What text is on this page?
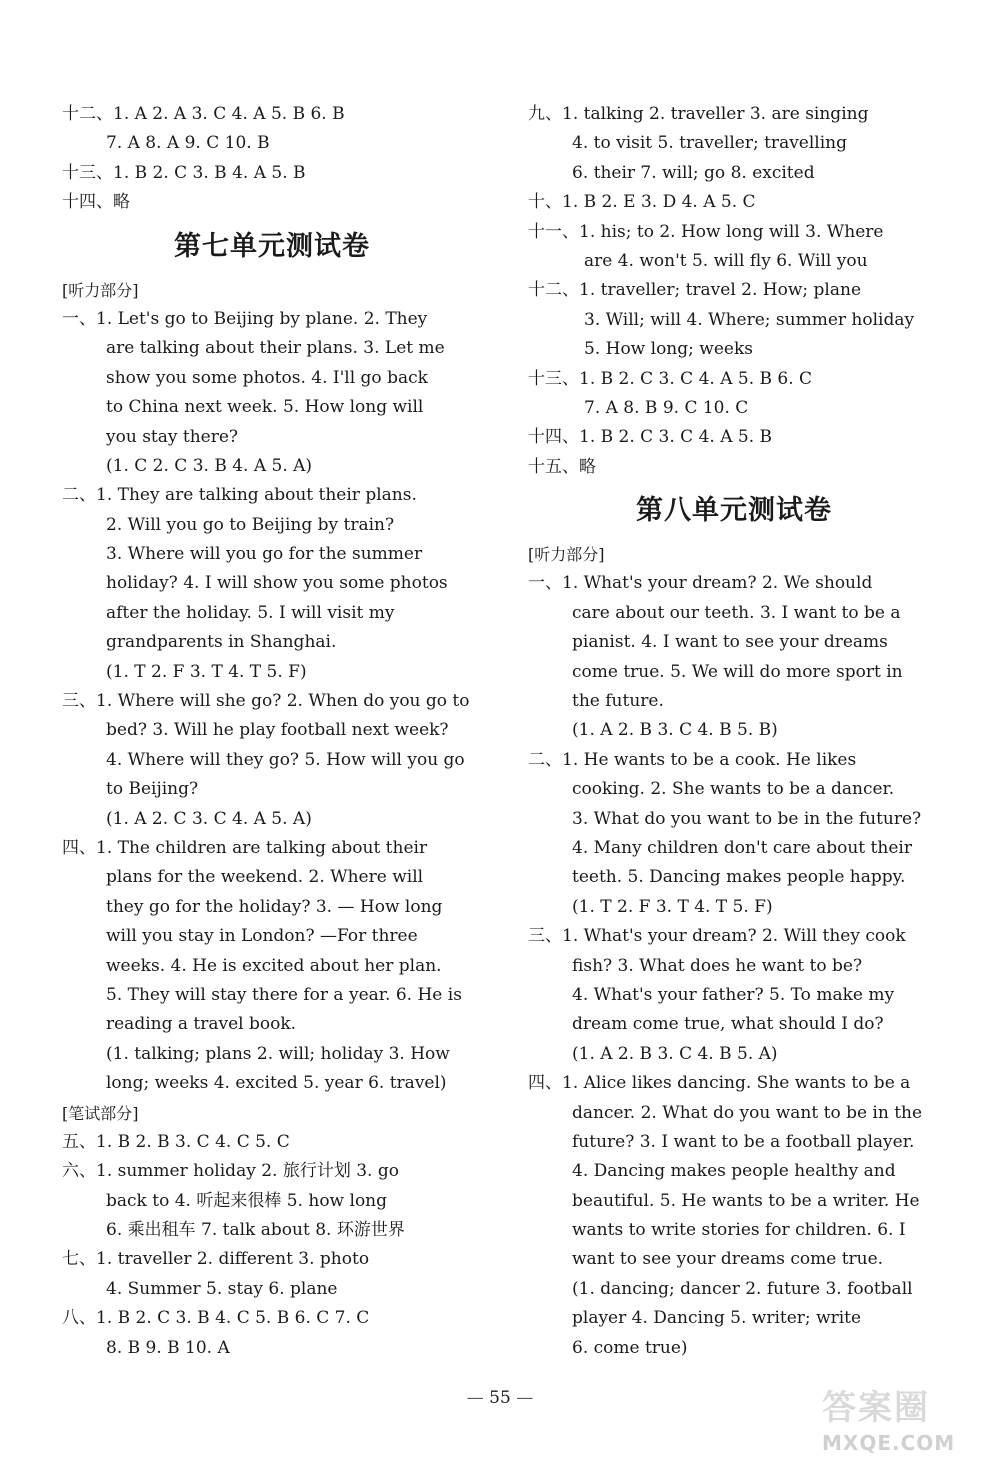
十二、1. A 2. A 3. C 4. A 5. B 6. B
7. A 8. A 9. C 10. B
十三、1. B 2. C 3. B 4. A 5. B
十四、略
第七单元测试卷
[听力部分]
一、1. Let's go to Beijing by plane. 2. They
are talking about their plans. 3. Let me
show you some photos. 4. I'll go back
to China next week. 5. How long will
you stay there?
(1. C 2. C 3. B 4. A 5. A)
二、1. They are talking about their plans.
2. Will you go to Beijing by train?
3. Where will you go for the summer
holiday? 4. I will show you some photos
after the holiday. 5. I will visit my
grandparents in Shanghai.
(1. T 2. F 3. T 4. T 5. F)
三、1. Where will she go? 2. When do you go to
bed? 3. Will he play football next week?
4. Where will they go? 5. How will you go
to Beijing?
(1. A 2. C 3. C 4. A 5. A)
四、1. The children are talking about their
plans for the weekend. 2. Where will
they go for the holiday? 3. — How long
will you stay in London? —For three
weeks. 4. He is excited about her plan.
5. They will stay there for a year. 6. He is
reading a travel book.
(1. talking; plans 2. will; holiday 3. How
long; weeks 4. excited 5. year 6. travel)
[笔试部分]
五、1. B 2. B 3. C 4. C 5. C
六、1. summer holiday 2. 旅行计划 3. go
back to 4. 听起来很棒 5. how long
6. 乘出租车 7. talk about 8. 环游世界
七、1. traveller 2. different 3. photo
4. Summer 5. stay 6. plane
八、1. B 2. C 3. B 4. C 5. B 6. C 7. C
8. B 9. B 10. A
九、1. talking 2. traveller 3. are singing
4. to visit 5. traveller; travelling
6. their 7. will; go 8. excited
十、1. B 2. E 3. D 4. A 5. C
十一、1. his; to 2. How long will 3. Where
are 4. won't 5. will fly 6. Will you
十二、1. traveller; travel 2. How; plane
3. Will; will 4. Where; summer holiday
5. How long; weeks
十三、1. B 2. C 3. C 4. A 5. B 6. C
7. A 8. B 9. C 10. C
十四、1. B 2. C 3. C 4. A 5. B
十五、略
第八单元测试卷
[听力部分]
一、1. What's your dream? 2. We should
care about our teeth. 3. I want to be a
pianist. 4. I want to see your dreams
come true. 5. We will do more sport in
the future.
(1. A 2. B 3. C 4. B 5. B)
二、1. He wants to be a cook. He likes
cooking. 2. She wants to be a dancer.
3. What do you want to be in the future?
4. Many children don't care about their
teeth. 5. Dancing makes people happy.
(1. T 2. F 3. T 4. T 5. F)
三、1. What's your dream? 2. Will they cook
fish? 3. What does he want to be?
4. What's your father? 5. To make my
dream come true, what should I do?
(1. A 2. B 3. C 4. B 5. A)
四、1. Alice likes dancing. She wants to be a
dancer. 2. What do you want to be in the
future? 3. I want to be a football player.
4. Dancing makes people healthy and
beautiful. 5. He wants to be a writer. He
wants to write stories for children. 6. I
want to see your dreams come true.
(1. dancing; dancer 2. future 3. football
player 4. Dancing 5. writer; write
6. come true)
— 55 —	答案圈
MXQE.COM
